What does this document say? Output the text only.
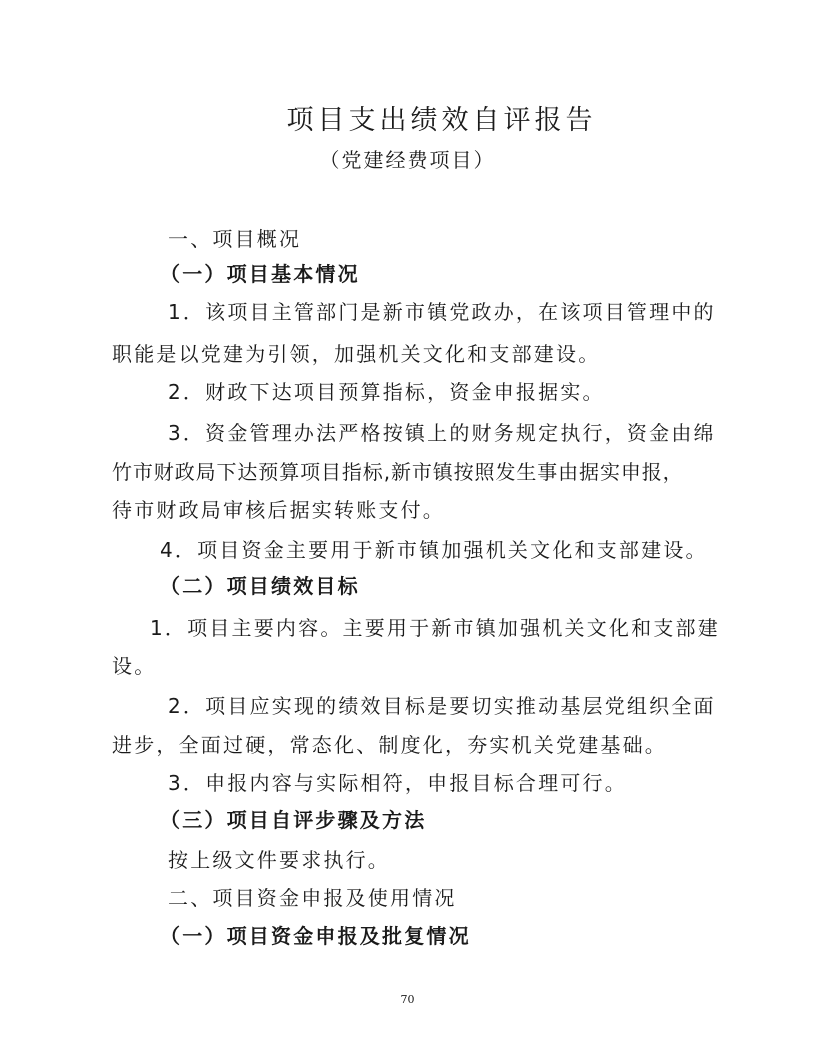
项目支出绩效自评报告
（党建经费项目）
一、项目概况
（一）项目基本情况
1．该项目主管部门是新市镇党政办，在该项目管理中的
职能是以党建为引领，加强机关文化和支部建设。
2．财政下达项目预算指标，资金申报据实。
3．资金管理办法严格按镇上的财务规定执行，资金由绵
竹市财政局下达预算项目指标,新市镇按照发生事由据实申报，
待市财政局审核后据实转账支付。
4．项目资金主要用于新市镇加强机关文化和支部建设。
（二）项目绩效目标
1．项目主要内容。主要用于新市镇加强机关文化和支部建
设。
2．项目应实现的绩效目标是要切实推动基层党组织全面
进步，全面过硬，常态化、制度化，夯实机关党建基础。
3．申报内容与实际相符，申报目标合理可行。
（三）项目自评步骤及方法
按上级文件要求执行。
二、项目资金申报及使用情况
（一）项目资金申报及批复情况
70
